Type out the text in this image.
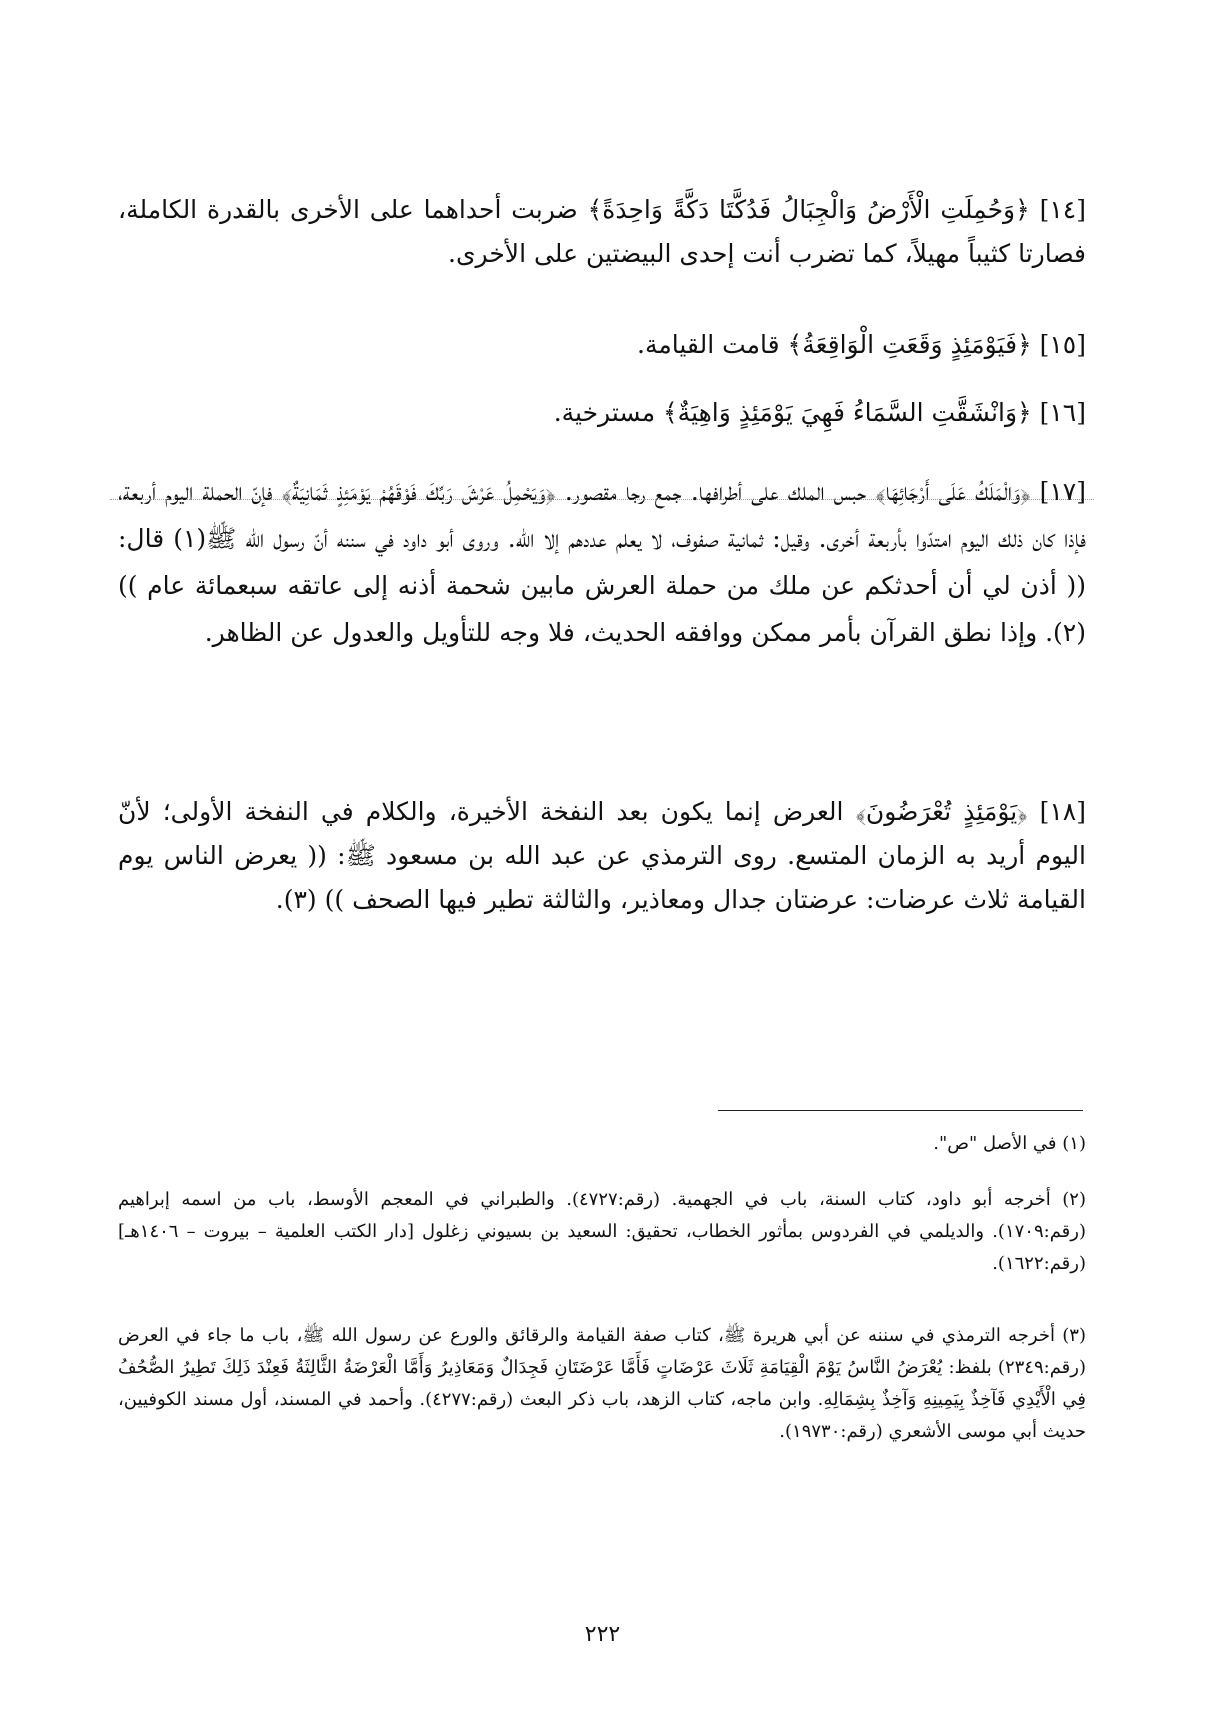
[١٤] ﴿وَحُمِلَتِ الْأَرْضُ وَالْجِبَالُ فَدُكَّتَا دَكَّةً وَاحِدَةً﴾ ضربت أحداهما على الأخرى بالقدرة الكاملة، فصارتا كثيباً مهيلاً، كما تضرب أنت إحدى البيضتين على الأخرى.

[١٥] ﴿فَيَوْمَئِذٍ وَقَعَتِ الْوَاقِعَةُ﴾ قامت القيامة.

[١٦] ﴿وَانْشَقَّتِ السَّمَاءُ فَهِيَ يَوْمَئِذٍ وَاهِيَةٌ﴾ مسترخية.

[١٧] ﴿وَالْمَلَكُ عَلَى أَرْجَائِهَا﴾ حبس الملك على أطرافها. جمع رجا مقصور. ﴿وَيَحْمِلُ عَرْشَ رَبِّكَ فَوْقَهُمْ يَوْمَئِذٍ ثَمَانِيَةٌ﴾ فإنّ الحملة اليوم أربعة، فإذا كان ذلك اليوم امتدّوا بأربعة أخرى. وقيل: ثمانية صفوف، لا يعلم عددهم إلا الله. وروى أبو داود في سننه أنّ رسول الله ﷺ(١) قال: (( أذن لي أن أحدثكم عن ملك من حملة العرش مابين شحمة أذنه إلى عاتقه سبعمائة عام ))(٢). وإذا نطق القرآن بأمر ممكن ووافقه الحديث، فلا وجه للتأويل والعدول عن الظاهر.

[١٨] ﴿يَوْمَئِذٍ تُعْرَضُونَ﴾ العرض إنما يكون بعد النفخة الأخيرة، والكلام في النفخة الأولى؛ لأنّ اليوم أريد به الزمان المتسع. روى الترمذي عن عبد الله بن مسعود ﷺ: (( يعرض الناس يوم القيامة ثلاث عرضات: عرضتان جدال ومعاذير، والثالثة تطير فيها الصحف )) (٣).

(١) في الأصل "ص".

(٢) أخرجه أبو داود، كتاب السنة، باب في الجهمية. (رقم:٤٧٢٧). والطبراني في المعجم الأوسط، باب من اسمه إبراهيم (رقم:١٧٠٩). والديلمي في الفردوس بمأثور الخطاب، تحقيق: السعيد بن بسيوني زغلول [دار الكتب العلمية – بيروت – ١٤٠٦هـ] (رقم:١٦٢٢).

(٣) أخرجه الترمذي في سننه عن أبي هريرة ﷺ، كتاب صفة القيامة والرقائق والورع عن رسول الله ﷺ، باب ما جاء في العرض (رقم:٢٣٤٩) بلفظ: يُعْرَضُ النَّاسُ يَوْمَ الْقِيَامَةِ ثَلَاثَ عَرْضَاتٍ فَأَمَّا عَرْضَتَانِ فَجِدَالٌ وَمَعَاذِيرُ وَأَمَّا الْعَرْضَةُ الثَّالِثَةُ فَعِنْدَ ذَلِكَ تَطِيرُ الصُّحُفُ فِي الْأَيْدِي فَآخِذٌ بِيَمِينِهِ وَآخِذٌ بِشِمَالِهِ. وابن ماجه، كتاب الزهد، باب ذكر البعث (رقم:٤٢٧٧). وأحمد في المسند، أول مسند الكوفيين، حديث أبي موسى الأشعري (رقم:١٩٧٣٠).

٢٢٢
